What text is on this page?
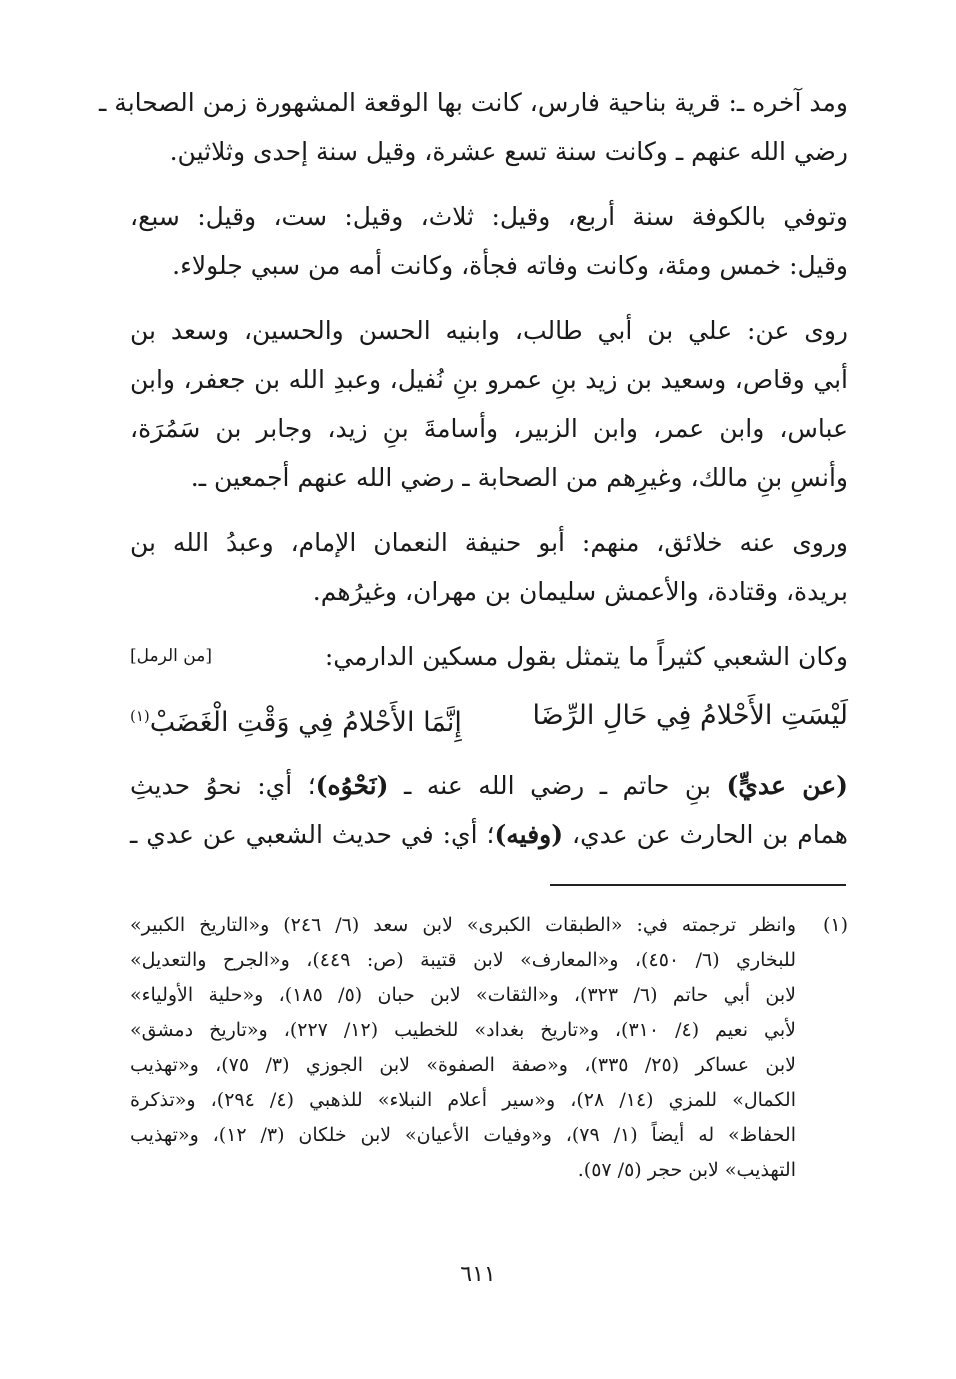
ومد آخره ـ: قرية بناحية فارس، كانت بها الوقعة المشهورة زمن الصحابة ـ
رضي الله عنهم ـ وكانت سنة تسع عشرة، وقيل سنة إحدى وثلاثين.
وتوفي بالكوفة سنة أربع، وقيل: ثلاث، وقيل: ست، وقيل: سبع،
وقيل: خمس ومئة، وكانت وفاته فجأة، وكانت أمه من سبي جلولاء.
روى عن: علي بن أبي طالب، وابنيه الحسن والحسين، وسعد بن
أبي وقاص، وسعيد بن زيد بنِ عمرو بنِ نُفيل، وعبدِ الله بن جعفر، وابن
عباس، وابن عمر، وابن الزبير، وأسامةَ بنِ زيد، وجابر بن سَمُرَة،
وأنسِ بنِ مالك، وغيرِهم من الصحابة ـ رضي الله عنهم أجمعين ـ.
وروى عنه خلائق، منهم: أبو حنيفة النعمان الإمام، وعبدُ الله بن
بريدة، وقتادة، والأعمش سليمان بن مهران، وغيرُهم.
وكان الشعبي كثيراً ما يتمثل بقول مسكين الدارمي:
[من الرمل]
لَيْسَتِ الأَحْلامُ فِي حَالِ الرِّضَا
إِنَّمَا الأَحْلامُ فِي وَقْتِ الْغَضَبْ$^{(١)}$
(عن عديٍّ) بنِ حاتم ـ رضي الله عنه ـ (نَحْوُه)؛ أي: نحوُ حديثِ
همام بن الحارث عن عدي، (وفيه)؛ أي: في حديث الشعبي عن عدي ـ
(١)
وانظر ترجمته في: «الطبقات الكبرى» لابن سعد (٦/ ٢٤٦) و«التاريخ الكبير»
للبخاري (٦/ ٤٥٠)، و«المعارف» لابن قتيبة (ص: ٤٤٩)، و«الجرح والتعديل»
لابن أبي حاتم (٦/ ٣٢٣)، و«الثقات» لابن حبان (٥/ ١٨٥)، و«حلية الأولياء»
لأبي نعيم (٤/ ٣١٠)، و«تاريخ بغداد» للخطيب (١٢/ ٢٢٧)، و«تاريخ دمشق»
لابن عساكر (٢٥/ ٣٣٥)، و«صفة الصفوة» لابن الجوزي (٣/ ٧٥)، و«تهذيب
الكمال» للمزي (١٤/ ٢٨)، و«سير أعلام النبلاء» للذهبي (٤/ ٢٩٤)، و«تذكرة
الحفاظ» له أيضاً (١/ ٧٩)، و«وفيات الأعيان» لابن خلكان (٣/ ١٢)، و«تهذيب
التهذيب» لابن حجر (٥/ ٥٧).
٦١١
